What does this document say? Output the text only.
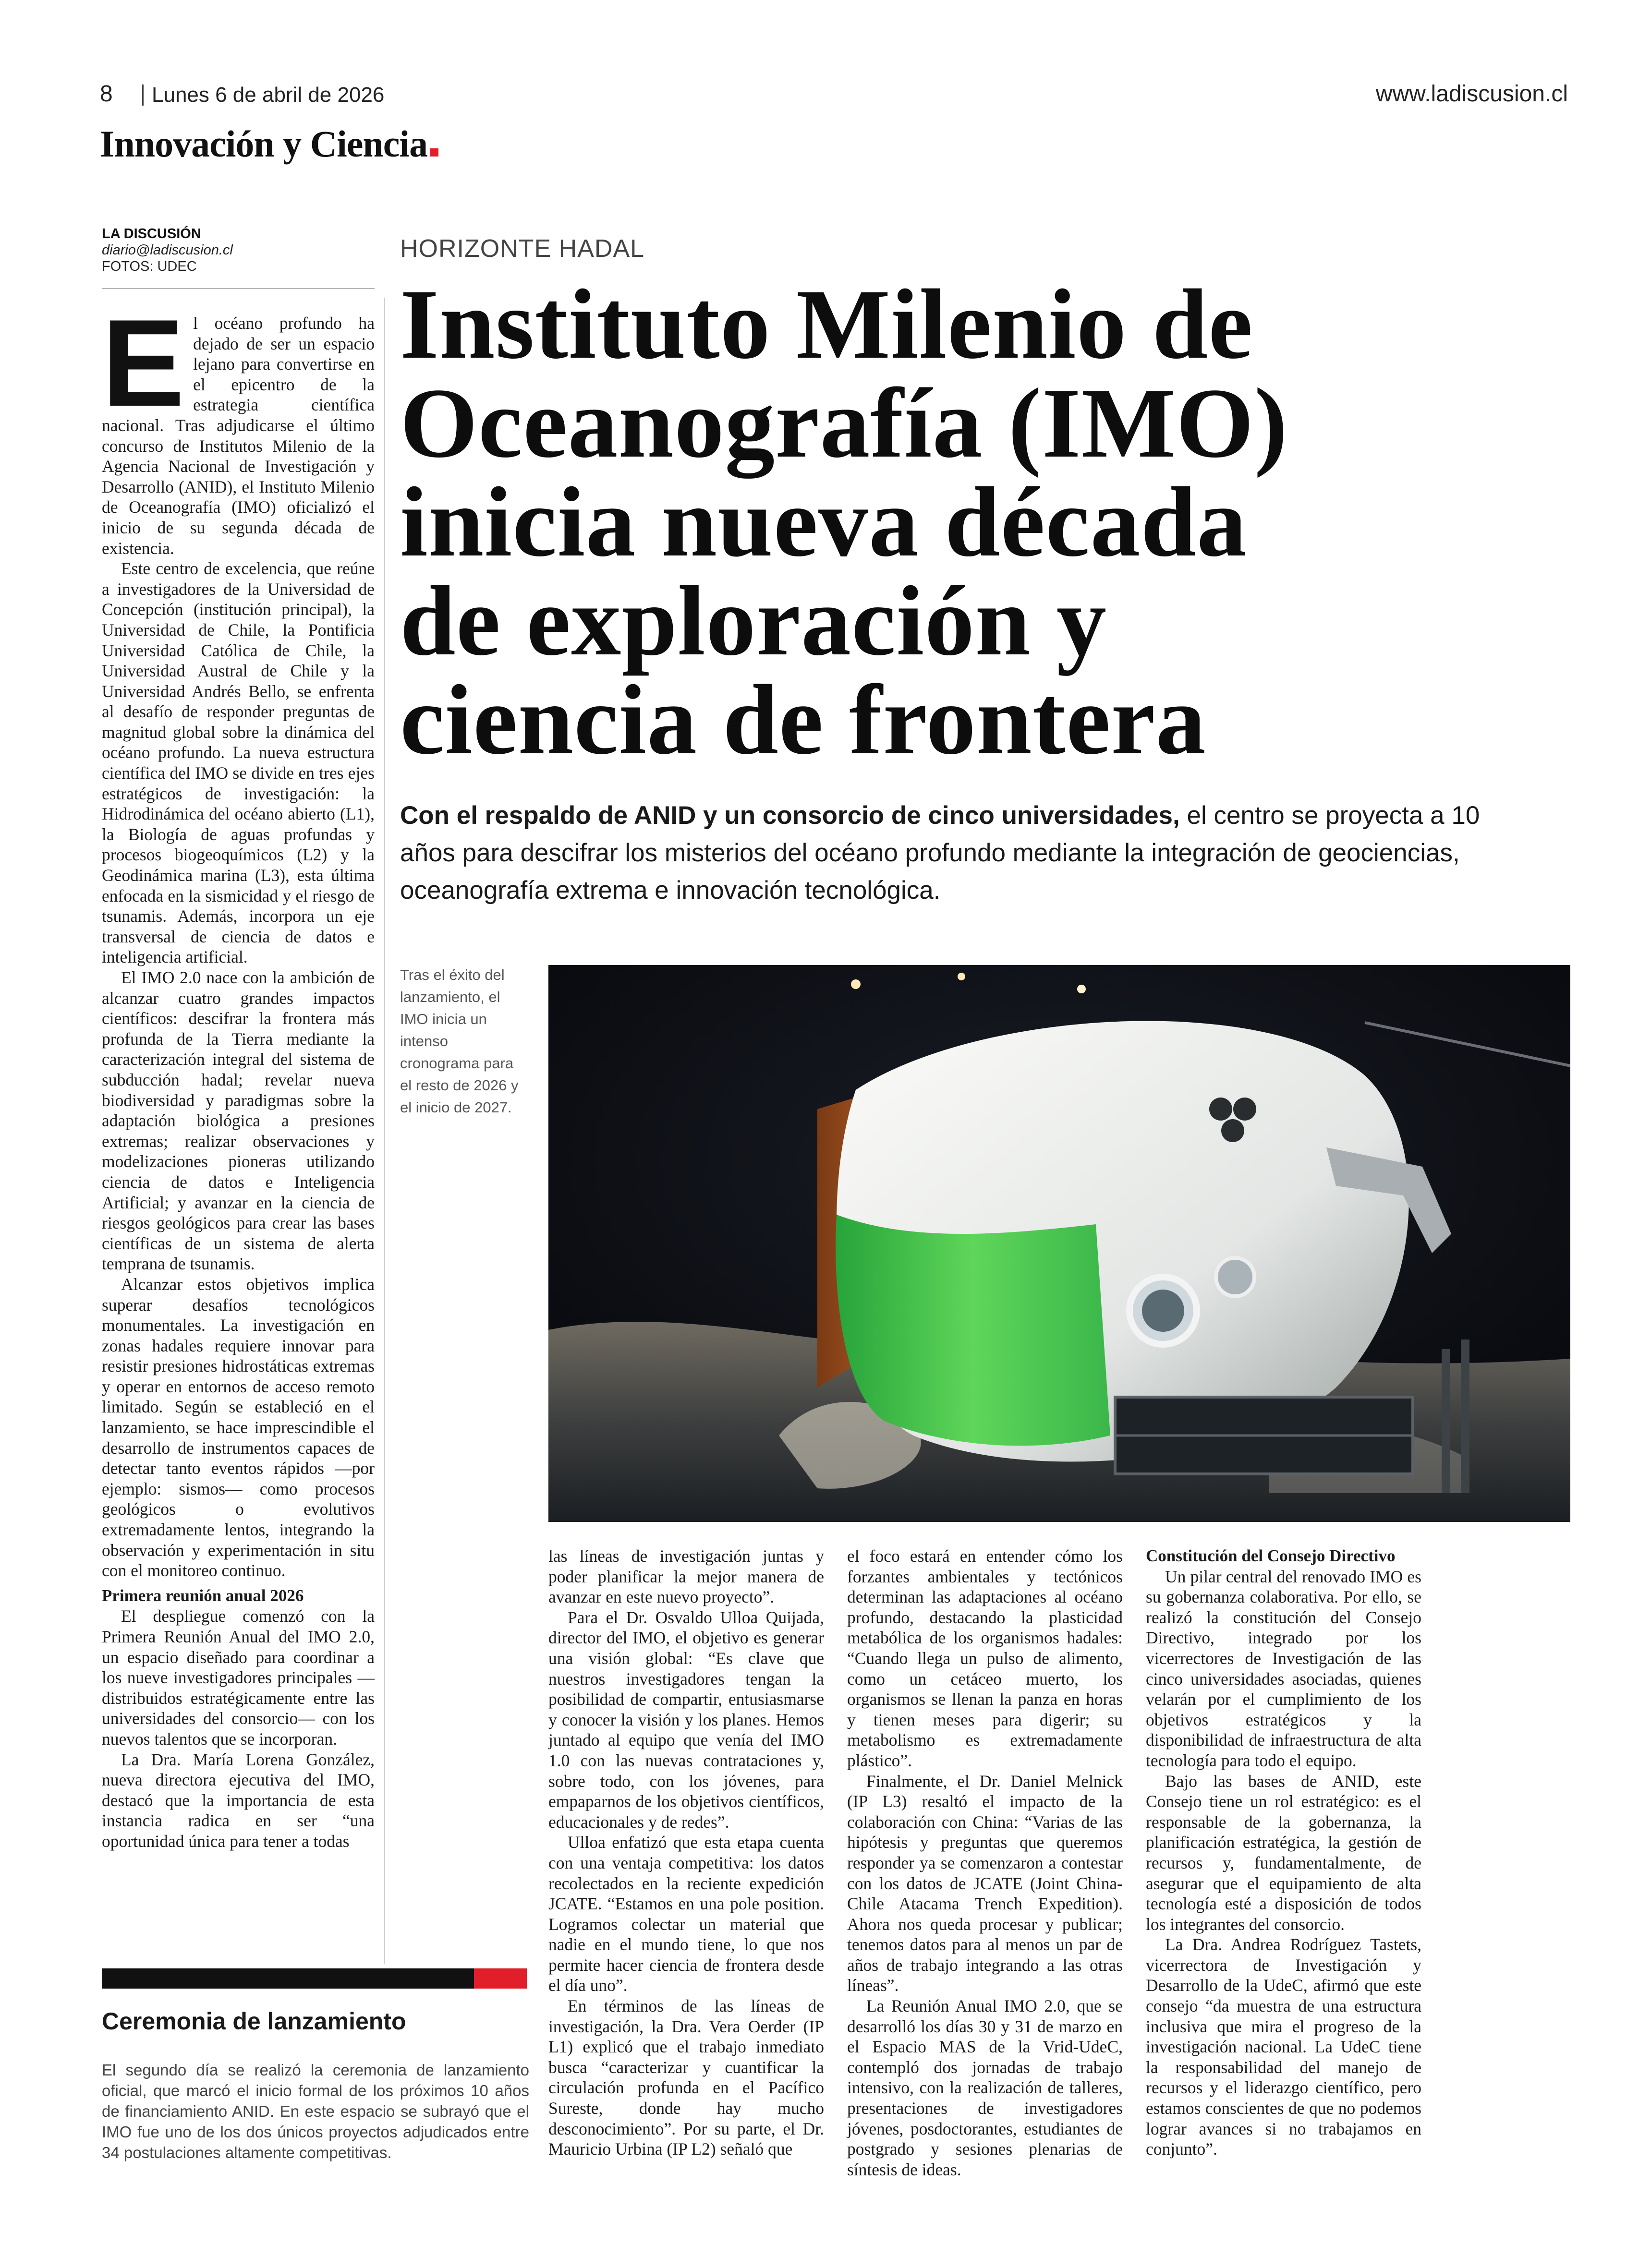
8 Lunes 6 de abril de 2026	www.ladiscusion.cl
Innovación y Ciencia
LA DISCUSIÓN
diario@ladiscusion.cl
FOTOS: UDEC
HORIZONTE HADAL
Instituto Milenio de
Oceanografía (IMO)
inicia nueva década
de exploración y
ciencia de frontera
Con el respaldo de ANID y un consorcio de cinco universidades, el centro se proyecta a 10 años para descifrar los misterios del océano profundo mediante la integración de geociencias, oceanografía extrema e innovación tecnológica.
Tras el éxito del lanzamiento, el IMO inicia un intenso cronograma para el resto de 2026 y el inicio de 2027.

El océano profundo ha dejado de ser un espacio lejano para convertirse en el epicentro de la estrategia científica nacional. Tras adjudicarse el último concurso de Institutos Milenio de la Agencia Nacional de Investigación y Desarrollo (ANID), el Instituto Milenio de Oceanografía (IMO) oficializó el inicio de su segunda década de existencia.

Este centro de excelencia, que reúne a investigadores de la Universidad de Concepción (institución principal), la Universidad de Chile, la Pontificia Universidad Católica de Chile, la Universidad Austral de Chile y la Universidad Andrés Bello, se enfrenta al desafío de responder preguntas de magnitud global sobre la dinámica del océano profundo. La nueva estructura científica del IMO se divide en tres ejes estratégicos de investigación: la Hidrodinámica del océano abierto (L1), la Biología de aguas profundas y procesos biogeoquímicos (L2) y la Geodinámica marina (L3), esta última enfocada en la sismicidad y el riesgo de tsunamis. Además, incorpora un eje transversal de ciencia de datos e inteligencia artificial.

El IMO 2.0 nace con la ambición de alcanzar cuatro grandes impactos científicos: descifrar la frontera más profunda de la Tierra mediante la caracterización integral del sistema de subducción hadal; revelar nueva biodiversidad y paradigmas sobre la adaptación biológica a presiones extremas; realizar observaciones y modelizaciones pioneras utilizando ciencia de datos e Inteligencia Artificial; y avanzar en la ciencia de riesgos geológicos para crear las bases científicas de un sistema de alerta temprana de tsunamis.

Alcanzar estos objetivos implica superar desafíos tecnológicos monumentales. La investigación en zonas hadales requiere innovar para resistir presiones hidrostáticas extremas y operar en entornos de acceso remoto limitado. Según se estableció en el lanzamiento, se hace imprescindible el desarrollo de instrumentos capaces de detectar tanto eventos rápidos —por ejemplo: sismos— como procesos geológicos o evolutivos extremadamente lentos, integrando la observación y experimentación in situ con el monitoreo continuo.

Primera reunión anual 2026

El despliegue comenzó con la Primera Reunión Anual del IMO 2.0, un espacio diseñado para coordinar a los nueve investigadores principales —distribuidos estratégicamente entre las universidades del consorcio— con los nuevos talentos que se incorporan.

La Dra. María Lorena González, nueva directora ejecutiva del IMO, destacó que la importancia de esta instancia radica en ser “una oportunidad única para tener a todas

Ceremonia de lanzamiento
El segundo día se realizó la ceremonia de lanzamiento oficial, que marcó el inicio formal de los próximos 10 años de financiamiento ANID. En este espacio se subrayó que el IMO fue uno de los dos únicos proyectos adjudicados entre 34 postulaciones altamente competitivas.

las líneas de investigación juntas y poder planificar la mejor manera de avanzar en este nuevo proyecto”.

Para el Dr. Osvaldo Ulloa Quijada, director del IMO, el objetivo es generar una visión global: “Es clave que nuestros investigadores tengan la posibilidad de compartir, entusiasmarse y conocer la visión y los planes. Hemos juntado al equipo que venía del IMO 1.0 con las nuevas contrataciones y, sobre todo, con los jóvenes, para empaparnos de los objetivos científicos, educacionales y de redes”.

Ulloa enfatizó que esta etapa cuenta con una ventaja competitiva: los datos recolectados en la reciente expedición JCATE. “Estamos en una pole position. Logramos colectar un material que nadie en el mundo tiene, lo que nos permite hacer ciencia de frontera desde el día uno”.

En términos de las líneas de investigación, la Dra. Vera Oerder (IP L1) explicó que el trabajo inmediato busca “caracterizar y cuantificar la circulación profunda en el Pacífico Sureste, donde hay mucho desconocimiento”. Por su parte, el Dr. Mauricio Urbina (IP L2) señaló que

el foco estará en entender cómo los forzantes ambientales y tectónicos determinan las adaptaciones al océano profundo, destacando la plasticidad metabólica de los organismos hadales: “Cuando llega un pulso de alimento, como un cetáceo muerto, los organismos se llenan la panza en horas y tienen meses para digerir; su metabolismo es extremadamente plástico”.

Finalmente, el Dr. Daniel Melnick (IP L3) resaltó el impacto de la colaboración con China: “Varias de las hipótesis y preguntas que queremos responder ya se comenzaron a contestar con los datos de JCATE (Joint China-Chile Atacama Trench Expedition). Ahora nos queda procesar y publicar; tenemos datos para al menos un par de años de trabajo integrando a las otras líneas”.

La Reunión Anual IMO 2.0, que se desarrolló los días 30 y 31 de marzo en el Espacio MAS de la Vrid-UdeC, contempló dos jornadas de trabajo intensivo, con la realización de talleres, presentaciones de investigadores jóvenes, posdoctorantes, estudiantes de postgrado y sesiones plenarias de síntesis de ideas.

Constitución del Consejo Directivo

Un pilar central del renovado IMO es su gobernanza colaborativa. Por ello, se realizó la constitución del Consejo Directivo, integrado por los vicerrectores de Investigación de las cinco universidades asociadas, quienes velarán por el cumplimiento de los objetivos estratégicos y la disponibilidad de infraestructura de alta tecnología para todo el equipo.

Bajo las bases de ANID, este Consejo tiene un rol estratégico: es el responsable de la gobernanza, la planificación estratégica, la gestión de recursos y, fundamentalmente, de asegurar que el equipamiento de alta tecnología esté a disposición de todos los integrantes del consorcio.

La Dra. Andrea Rodríguez Tastets, vicerrectora de Investigación y Desarrollo de la UdeC, afirmó que este consejo “da muestra de una estructura inclusiva que mira el progreso de la investigación nacional. La UdeC tiene la responsabilidad del manejo de recursos y el liderazgo científico, pero estamos conscientes de que no podemos lograr avances si no trabajamos en conjunto”.
